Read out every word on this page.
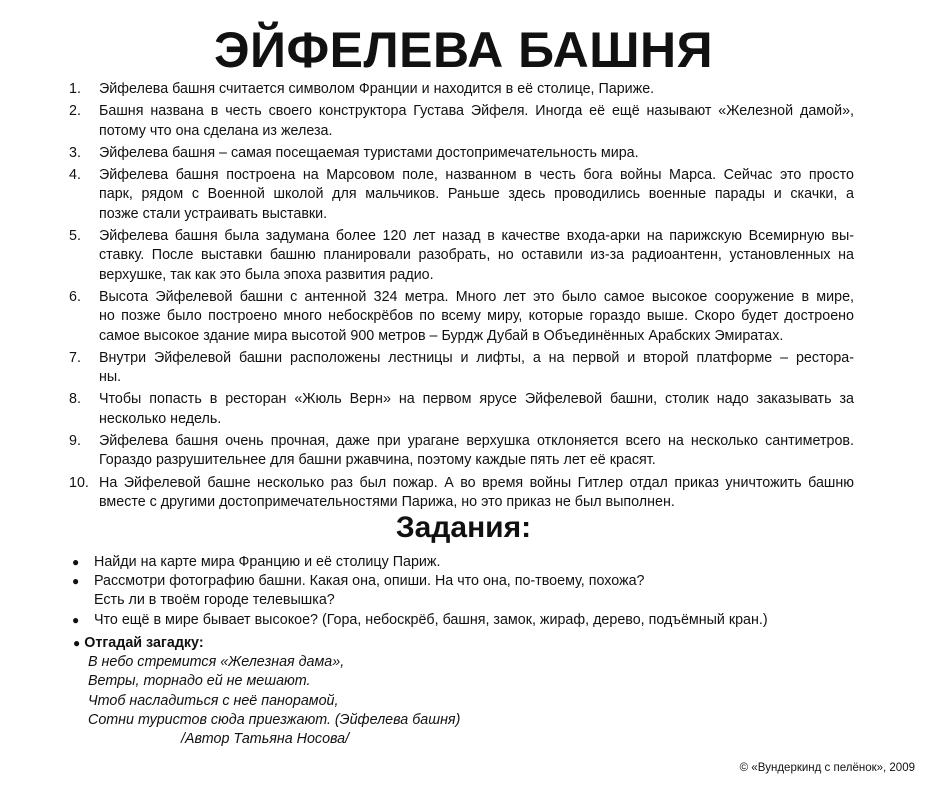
ЭЙФЕЛЕВА БАШНЯ
1.	Эйфелева башня считается символом Франции и находится в её столице, Париже.
2.	Башня названа в честь своего конструктора Густава Эйфеля. Иногда её ещё называют «Железной дамой»,
потому что она сделана из железа.
3.	Эйфелева башня – самая посещаемая туристами достопримечательность мира.
4.	Эйфелева башня построена на Марсовом поле, названном в честь бога войны Марса. Сейчас это просто
парк, рядом с Военной школой для мальчиков. Раньше здесь проводились военные парады и скачки, а
позже стали устраивать выставки.
5.	Эйфелева башня была задумана более 120 лет назад в качестве входа-арки на парижскую Всемирную вы-
ставку. После выставки башню планировали разобрать, но оставили из-за радиоантенн, установленных на
верхушке, так как это была эпоха развития радио.
6.	Высота Эйфелевой башни с антенной 324 метра. Много лет это было самое высокое сооружение в мире,
но позже было построено много небоскрёбов по всему миру, которые гораздо выше. Скоро будет достроено
самое высокое здание мира высотой 900 метров – Бурдж Дубай в Объединённых Арабских Эмиратах.
7.	Внутри Эйфелевой башни расположены лестницы и лифты, а на первой и второй платформе – рестора-
ны.
8.	Чтобы попасть в ресторан «Жюль Верн» на первом ярусе Эйфелевой башни, столик надо заказывать за
несколько недель.
9.	Эйфелева башня очень прочная, даже при урагане верхушка отклоняется всего на несколько сантиметров.
Гораздо разрушительнее для башни ржавчина, поэтому каждые пять лет её красят.
10. На Эйфелевой башне несколько раз был пожар. А во время войны Гитлер отдал приказ уничтожить башню
вместе с другими достопримечательностями Парижа, но это приказ не был выполнен.
Задания:
● Найди на карте мира Францию и её столицу Париж.
● Рассмотри фотографию башни. Какая она, опиши. На что она, по-твоему, похожа?
Есть ли в твоём городе телевышка?
● Что ещё в мире бывает высокое? (Гора, небоскрёб, башня, замок, жираф, дерево, подъёмный кран.)
● Отгадай загадку:
В небо стремится «Железная дама»,
Ветры, торнадо ей не мешают.
Чтоб насладиться с неё панорамой,
Сотни туристов сюда приезжают. (Эйфелева башня)
/Автор Татьяна Носова/
© «Вундеркинд с пелёнок», 2009
